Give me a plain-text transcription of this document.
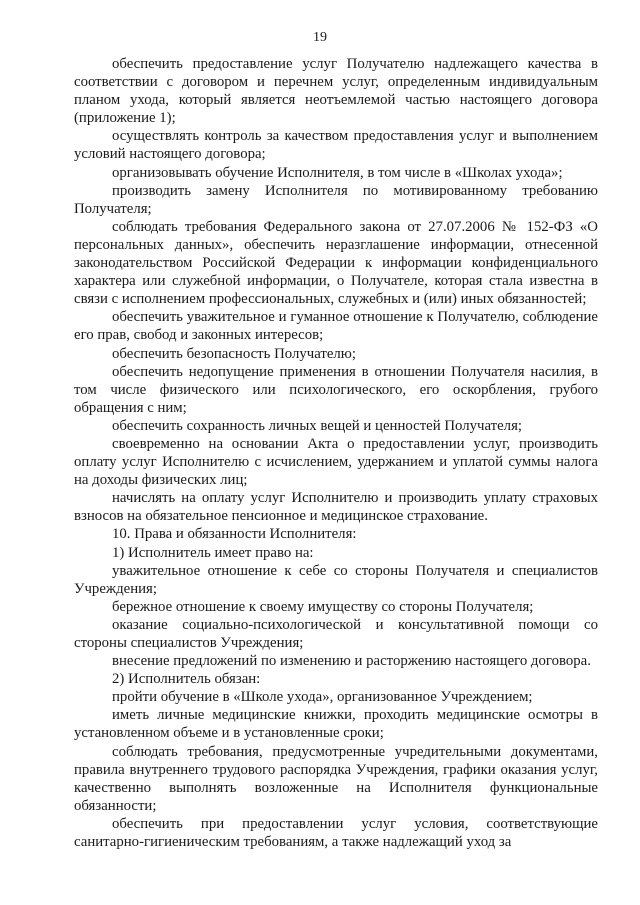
19

обеспечить предоставление услуг Получателю надлежащего качества в соответствии с договором и перечнем услуг, определенным индивидуальным планом ухода, который является неотъемлемой частью настоящего договора (приложение 1);

осуществлять контроль за качеством предоставления услуг и выполнением условий настоящего договора;

организовывать обучение Исполнителя, в том числе в «Школах ухода»;

производить замену Исполнителя по мотивированному требованию Получателя;

соблюдать требования Федерального закона от 27.07.2006 № 152-ФЗ «О персональных данных», обеспечить неразглашение информации, отнесенной законодательством Российской Федерации к информации конфиденциального характера или служебной информации, о Получателе, которая стала известна в связи с исполнением профессиональных, служебных и (или) иных обязанностей;

обеспечить уважительное и гуманное отношение к Получателю, соблюдение его прав, свобод и законных интересов;

обеспечить безопасность Получателю;

обеспечить недопущение применения в отношении Получателя насилия, в том числе физического или психологического, его оскорбления, грубого обращения с ним;

обеспечить сохранность личных вещей и ценностей Получателя;

своевременно на основании Акта о предоставлении услуг, производить оплату услуг Исполнителю с исчислением, удержанием и уплатой суммы налога на доходы физических лиц;

начислять на оплату услуг Исполнителю и производить уплату страховых взносов на обязательное пенсионное и медицинское страхование.

10. Права и обязанности Исполнителя:

1) Исполнитель имеет право на:

уважительное отношение к себе со стороны Получателя и специалистов Учреждения;

бережное отношение к своему имуществу со стороны Получателя;

оказание социально-психологической и консультативной помощи со стороны специалистов Учреждения;

внесение предложений по изменению и расторжению настоящего договора.

2) Исполнитель обязан:

пройти обучение в «Школе ухода», организованное Учреждением;

иметь личные медицинские книжки, проходить медицинские осмотры в установленном объеме и в установленные сроки;

соблюдать требования, предусмотренные учредительными документами, правила внутреннего трудового распорядка Учреждения, графики оказания услуг, качественно выполнять возложенные на Исполнителя функциональные обязанности;

обеспечить при предоставлении услуг условия, соответствующие санитарно-гигиеническим требованиям, а также надлежащий уход за
